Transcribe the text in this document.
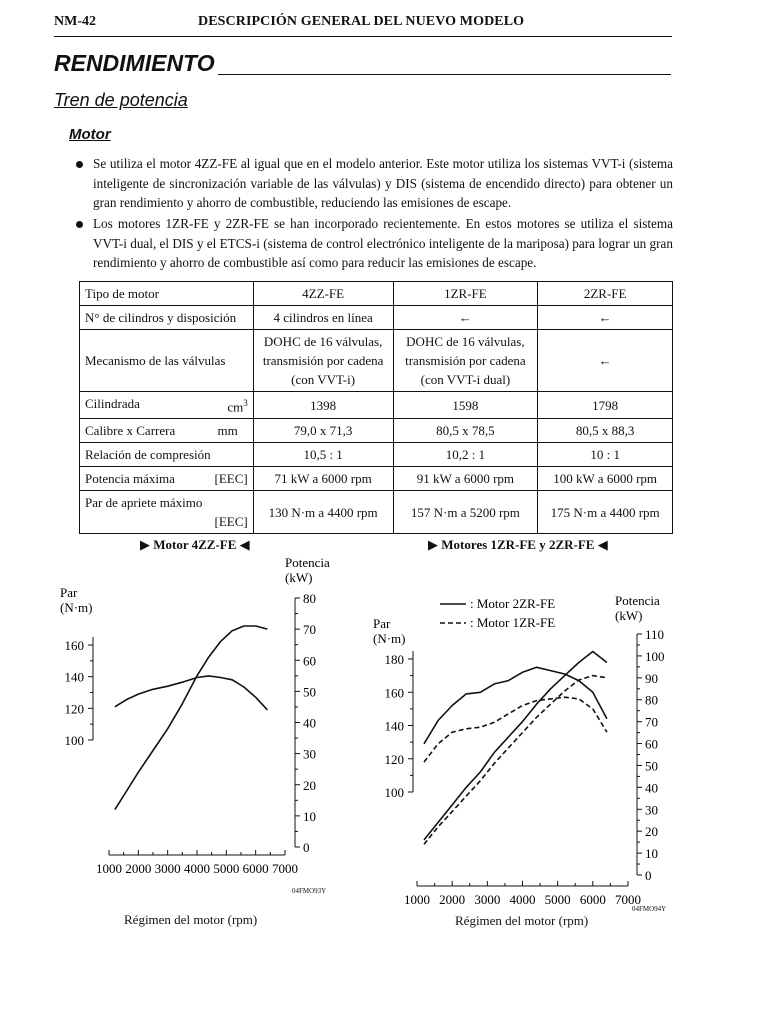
NM-42	DESCRIPCIÓN GENERAL DEL NUEVO MODELO
RENDIMIENTO
Tren de potencia
Motor
Se utiliza el motor 4ZZ-FE al igual que en el modelo anterior. Este motor utiliza los sistemas VVT-i (sistema inteligente de sincronización variable de las válvulas) y DIS (sistema de encendido directo) para obtener un gran rendimiento y ahorro de combustible, reduciendo las emisiones de escape.
Los motores 1ZR-FE y 2ZR-FE se han incorporado recientemente. En estos motores se utiliza el sistema VVT-i dual, el DIS y el ETCS-i (sistema de control electrónico inteligente de la mariposa) para lograr un gran rendimiento y ahorro de combustible así como para reducir las emisiones de escape.
Tipo de motor	4ZZ-FE	1ZR-FE	2ZR-FE
N° de cilindros y disposición	4 cilindros en línea	←	←
Mecanismo de las válvulas	DOHC de 16 válvulas, transmisión por cadena (con VVT-i)	DOHC de 16 válvulas, transmisión por cadena (con VVT-i dual)	←

Cilindrada $cm^3$	1398	1598	1798

Calibre x Carrera mm	79,0 x 71,3	80,5 x 78,5	80,5 x 88,3
Relación de compresión	10,5 : 1	10,2 : 1	10 : 1

Potencia máxima [EEC]	71 kW a 6000 rpm	91 kW a 6000 rpm	100 kW a 6000 rpm

Par de apriete máximo
[EEC]	130 N·m a 4400 rpm	157 N·m a 5200 rpm	175 N·m a 4400 rpm
▶ Motor 4ZZ-FE ◀
Par
(N·m)
Potencia
(kW)
100
120
140
160
0
10
20
30
40
50
60
70
80
1000 2000 3000 4000 5000 6000 7000
Régimen del motor (rpm)
04FMO93Y
▶ Motores 1ZR-FE y 2ZR-FE ◀
Par
(N·m)
Potencia
(kW)
100
120
140
160
180
0
10
20
30
40
50
60
70
80
90
100
110
1000 2000 3000 4000 5000 6000 7000
: Motor 2ZR-FE
: Motor 1ZR-FE
Régimen del motor (rpm)
04FMO94Y
